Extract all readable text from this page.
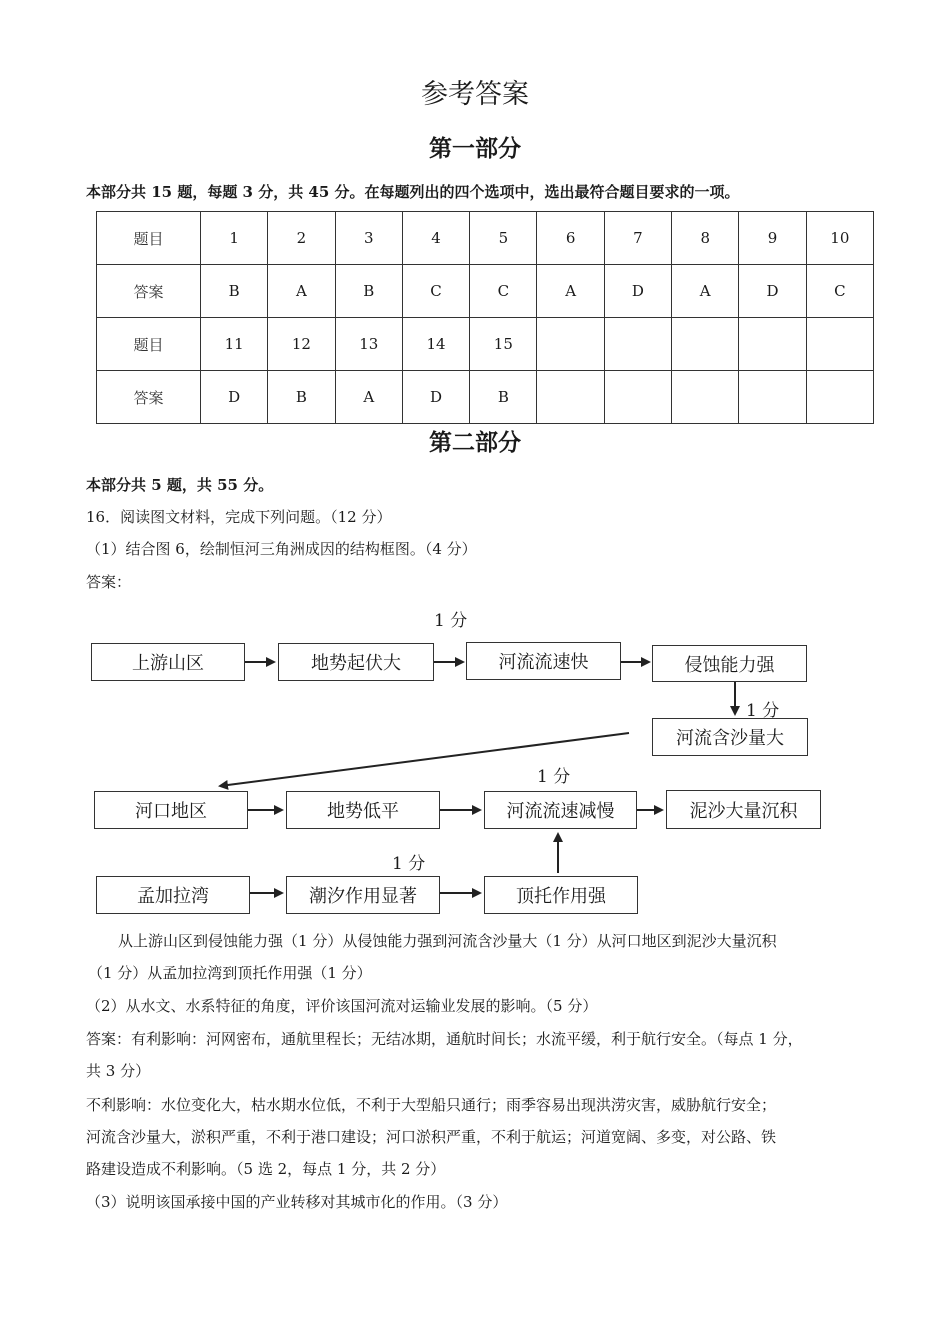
参考答案
第一部分
本部分共 15 题，每题 3 分，共 45 分。在每题列出的四个选项中，选出最符合题目要求的一项。
题目	1	2	3	4	5	6	7	8	9	10
答案	B	A	B	C	C	A	D	A	D	C
题目	11	12	13	14	15					
答案	D	B	A	D	B					
第二部分
本部分共 5 题，共 55 分。
16．阅读图文材料，完成下列问题。（12 分）
（1）结合图 6，绘制恒河三角洲成因的结构框图。（4 分）
答案：
上游山区	地势起伏大	河流流速快	侵蚀能力强
河流含沙量大
河口地区	地势低平	河流流速减慢	泥沙大量沉积
孟加拉湾	潮汐作用显著	顶托作用强
1 分
1 分
1 分
1 分
从上游山区到侵蚀能力强（1 分）从侵蚀能力强到河流含沙量大（1 分）从河口地区到泥沙大量沉积
（1 分）从孟加拉湾到顶托作用强（1 分）
（2）从水文、水系特征的角度，评价该国河流对运输业发展的影响。（5 分）
答案：有利影响：河网密布，通航里程长；无结冰期，通航时间长；水流平缓，利于航行安全。（每点 1 分，
共 3 分）
不利影响：水位变化大，枯水期水位低，不利于大型船只通行；雨季容易出现洪涝灾害，威胁航行安全；
河流含沙量大，淤积严重，不利于港口建设；河口淤积严重，不利于航运；河道宽阔、多变，对公路、铁
路建设造成不利影响。（5 选 2，每点 1 分，共 2 分）
（3）说明该国承接中国的产业转移对其城市化的作用。（3 分）
